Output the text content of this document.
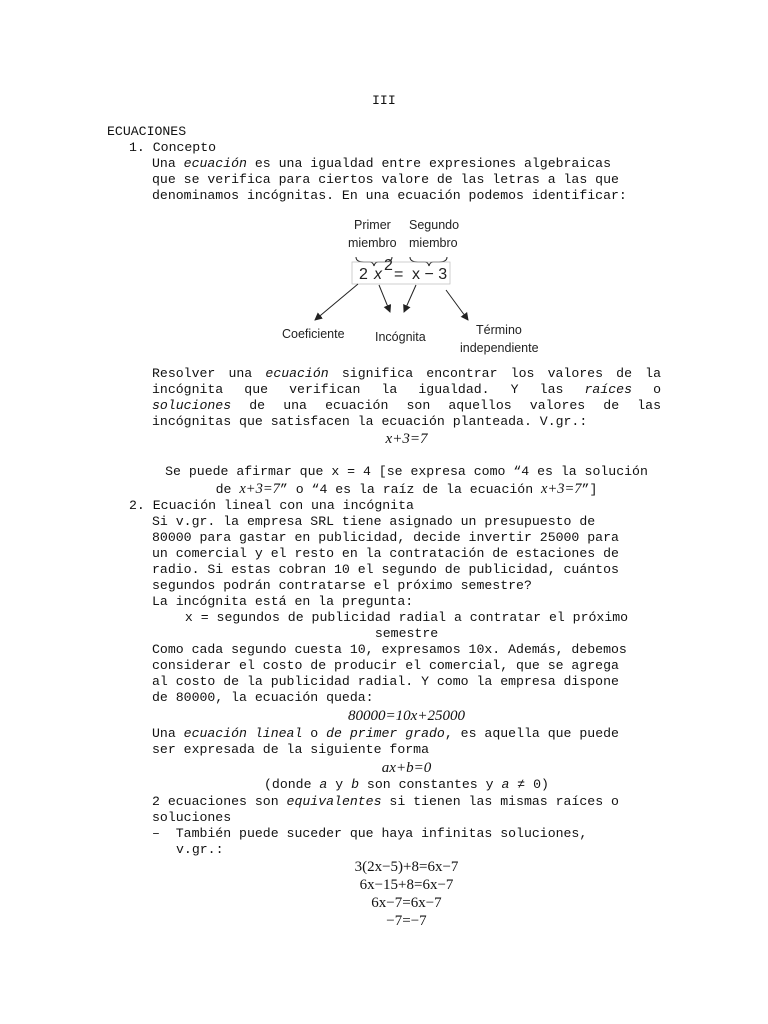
III
ECUACIONES
1. Concepto
Una ecuación es una igualdad entre expresiones algebraicas
que se verifica para ciertos valore de las letras a las que
denominamos incógnitas. En una ecuación podemos identificar:
Primer
miembro
Segundo
miembro
2 x
2
= x − 3
Coeficiente Incógnita	Término
independiente
Resolver una ecuación significa encontrar los valores de la
incógnita que verifican la igualdad. Y las raíces o
soluciones de una ecuación son aquellos valores de las
incógnitas que satisfacen la ecuación planteada. V.gr.:
x+3=7
Se puede afirmar que x = 4 [se expresa como “4 es la solución
de x+3=7” o “4 es la raíz de la ecuación x+3=7”]
2. Ecuación lineal con una incógnita
Si v.gr. la empresa SRL tiene asignado un presupuesto de
80000 para gastar en publicidad, decide invertir 25000 para
un comercial y el resto en la contratación de estaciones de
radio. Si estas cobran 10 el segundo de publicidad, cuántos
segundos podrán contratarse el próximo semestre?
La incógnita está en la pregunta:
x = segundos de publicidad radial a contratar el próximo
semestre
Como cada segundo cuesta 10, expresamos 10x. Además, debemos
considerar el costo de producir el comercial, que se agrega
al costo de la publicidad radial. Y como la empresa dispone
de 80000, la ecuación queda:
80000=10x+25000
Una ecuación lineal o de primer grado, es aquella que puede
ser expresada de la siguiente forma
ax+b=0
(donde a y b son constantes y a ≠ 0)
2 ecuaciones son equivalentes si tienen las mismas raíces o
soluciones
–  También puede suceder que haya infinitas soluciones,
v.gr.:
3(2x−5)+8=6x−7
6x−15+8=6x−7
6x−7=6x−7
−7=−7
